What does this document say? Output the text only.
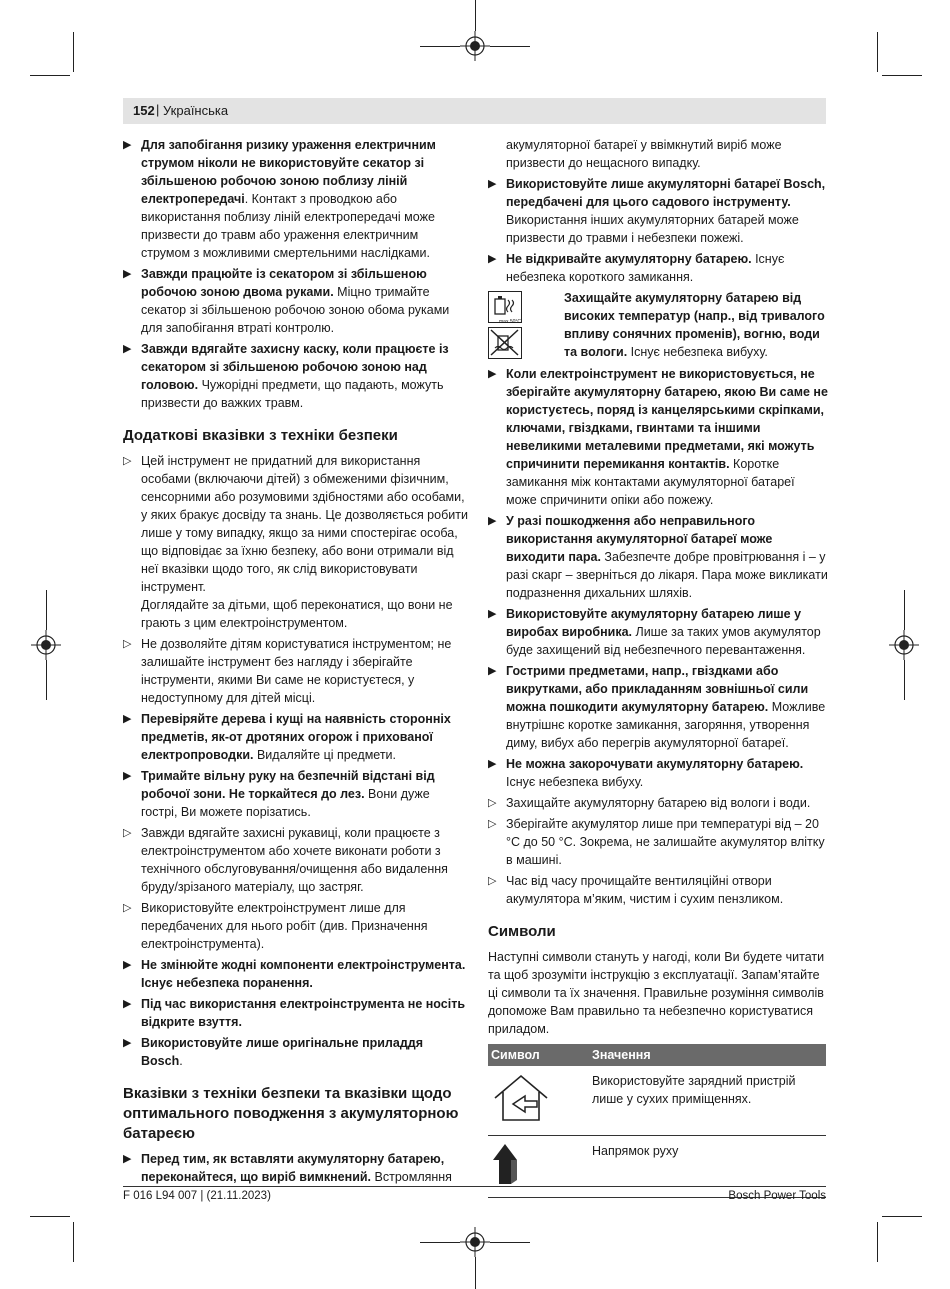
152 | Українська
▶ Для запобігання ризику ураження електричним струмом ніколи не використовуйте секатор зі збільшеною робочою зоною поблизу ліній електропередачі. Контакт з проводкою або використання поблизу ліній електропередачі може призвести до травм або ураження електричним струмом з можливими смертельними наслідками.
▶ Завжди працюйте із секатором зі збільшеною робочою зоною двома руками. Міцно тримайте секатор зі збільшеною робочою зоною обома руками для запобігання втраті контролю.
▶ Завжди вдягайте захисну каску, коли працюєте із секатором зі збільшеною робочою зоною над головою. Чужорідні предмети, що падають, можуть призвести до важких травм.
Додаткові вказівки з техніки безпеки
▷ Цей інструмент не придатний для використання особами (включаючи дітей) з обмеженими фізичним, сенсорними або розумовими здібностями або особами, у яких бракує досвіду та знань. Це дозволяється робити лише у тому випадку, якщо за ними спостерігає особа, що відповідає за їхню безпеку, або вони отримали від неї вказівки щодо того, як слід використовувати інструмент.
Доглядайте за дітьми, щоб переконатися, що вони не грають з цим електроінструментом.
▷ Не дозволяйте дітям користуватися інструментом; не залишайте інструмент без нагляду і зберігайте інструменти, якими Ви саме не користуєтеся, у недоступному для дітей місці.
▶ Перевіряйте дерева і кущі на наявність сторонніх предметів, як-от дротяних огорож і прихованої електропроводки. Видаляйте ці предмети.
▶ Тримайте вільну руку на безпечній відстані від робочої зони. Не торкайтеся до лез. Вони дуже гострі, Ви можете порізатись.
▷ Завжди вдягайте захисні рукавиці, коли працюєте з електроінструментом або хочете виконати роботи з технічного обслуговування/очищення або видалення бруду/зрізаного матеріалу, що застряг.
▷ Використовуйте електроінструмент лише для передбачених для нього робіт (див. Призначення електроінструмента).
▶ Не змінюйте жодні компоненти електроінструмента. Існує небезпека поранення.
▶ Під час використання електроінструмента не носіть відкрите взуття.
▶ Використовуйте лише оригінальне приладдя Bosch.
Вказівки з техніки безпеки та вказівки щодо оптимального поводження з акумуляторною батареєю
▶ Перед тим, як вставляти акумуляторну батарею, переконайтеся, що виріб вимкнений. Встромляння
акумуляторної батареї у ввімкнутий виріб може призвести до нещасного випадку.
▶ Використовуйте лише акумуляторні батареї Bosch, передбачені для цього садового інструменту. Використання інших акумуляторних батарей може призвести до травми і небезпеки пожежі.
▶ Не відкривайте акумуляторну батарею. Існує небезпека короткого замикання.
max.50°C
Захищайте акумуляторну батарею від високих температур (напр., від тривалого впливу сонячних променів), вогню, води та вологи. Існує небезпека вибуху.
▶ Коли електроінструмент не використовується, не зберігайте акумуляторну батарею, якою Ви саме не користуєтесь, поряд із канцелярськими скріпками, ключами, гвіздками, гвинтами та іншими невеликими металевими предметами, які можуть спричинити перемикання контактів. Коротке замикання між контактами акумуляторної батареї може спричинити опіки або пожежу.
▶ У разі пошкодження або неправильного використання акумуляторної батареї може виходити пара. Забезпечте добре провітрювання і – у разі скарг – зверніться до лікаря. Пара може викликати подразнення дихальних шляхів.
▶ Використовуйте акумуляторну батарею лише у виробах виробника. Лише за таких умов акумулятор буде захищений від небезпечного перевантаження.
▶ Гострими предметами, напр., гвіздками або викрутками, або прикладанням зовнішньої сили можна пошкодити акумуляторну батарею. Можливе внутрішнє коротке замикання, загоряння, утворення диму, вибух або перегрів акумуляторної батареї.
▶ Не можна закорочувати акумуляторну батарею. Існує небезпека вибуху.
▷ Захищайте акумуляторну батарею від вологи і води.
▷ Зберігайте акумулятор лише при температурі від – 20 °C до 50 °C. Зокрема, не залишайте акумулятор влітку в машині.
▷ Час від часу прочищайте вентиляційні отвори акумулятора м’яким, чистим і сухим пензликом.
Символи
Наступні символи стануть у нагоді, коли Ви будете читати та щоб зрозуміти інструкцію з експлуатації. Запам’ятайте ці символи та їх значення. Правильне розуміння символів допоможе Вам правильно та небезпечно користуватися приладом.
Символ	Значення
	Використовуйте зарядний пристрій лише у сухих приміщеннях.
	Напрямок руху
F 016 L94 007 | (21.11.2023)	Bosch Power Tools
